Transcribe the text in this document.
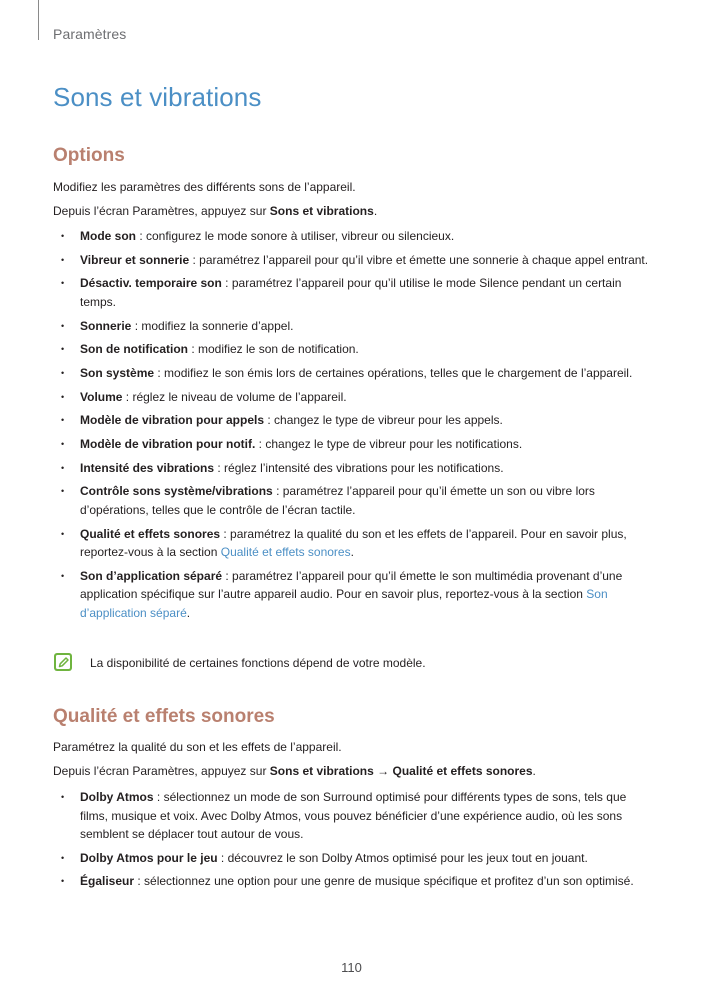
Paramètres
Sons et vibrations
Options

Modifiez les paramètres des différents sons de l’appareil.

Depuis l’écran Paramètres, appuyez sur Sons et vibrations.

• Mode son : configurez le mode sonore à utiliser, vibreur ou silencieux.
• Vibreur et sonnerie : paramétrez l’appareil pour qu’il vibre et émette une sonnerie à chaque appel entrant.
• Désactiv. temporaire son : paramétrez l’appareil pour qu’il utilise le mode Silence pendant un certain temps.
• Sonnerie : modifiez la sonnerie d’appel.
• Son de notification : modifiez le son de notification.
• Son système : modifiez le son émis lors de certaines opérations, telles que le chargement de l’appareil.
• Volume : réglez le niveau de volume de l’appareil.
• Modèle de vibration pour appels : changez le type de vibreur pour les appels.
• Modèle de vibration pour notif. : changez le type de vibreur pour les notifications.
• Intensité des vibrations : réglez l’intensité des vibrations pour les notifications.
• Contrôle sons système/vibrations : paramétrez l’appareil pour qu’il émette un son ou vibre lors d’opérations, telles que le contrôle de l’écran tactile.
• Qualité et effets sonores : paramétrez la qualité du son et les effets de l’appareil. Pour en savoir plus, reportez-vous à la section Qualité et effets sonores.
• Son d’application séparé : paramétrez l’appareil pour qu’il émette le son multimédia provenant d’une application spécifique sur l’autre appareil audio. Pour en savoir plus, reportez-vous à la section Son d’application séparé.
La disponibilité de certaines fonctions dépend de votre modèle.
Qualité et effets sonores

Paramétrez la qualité du son et les effets de l’appareil.

Depuis l’écran Paramètres, appuyez sur Sons et vibrations → Qualité et effets sonores.

• Dolby Atmos : sélectionnez un mode de son Surround optimisé pour différents types de sons, tels que films, musique et voix. Avec Dolby Atmos, vous pouvez bénéficier d’une expérience audio, où les sons semblent se déplacer tout autour de vous.
• Dolby Atmos pour le jeu : découvrez le son Dolby Atmos optimisé pour les jeux tout en jouant.
• Égaliseur : sélectionnez une option pour une genre de musique spécifique et profitez d’un son optimisé.
110
